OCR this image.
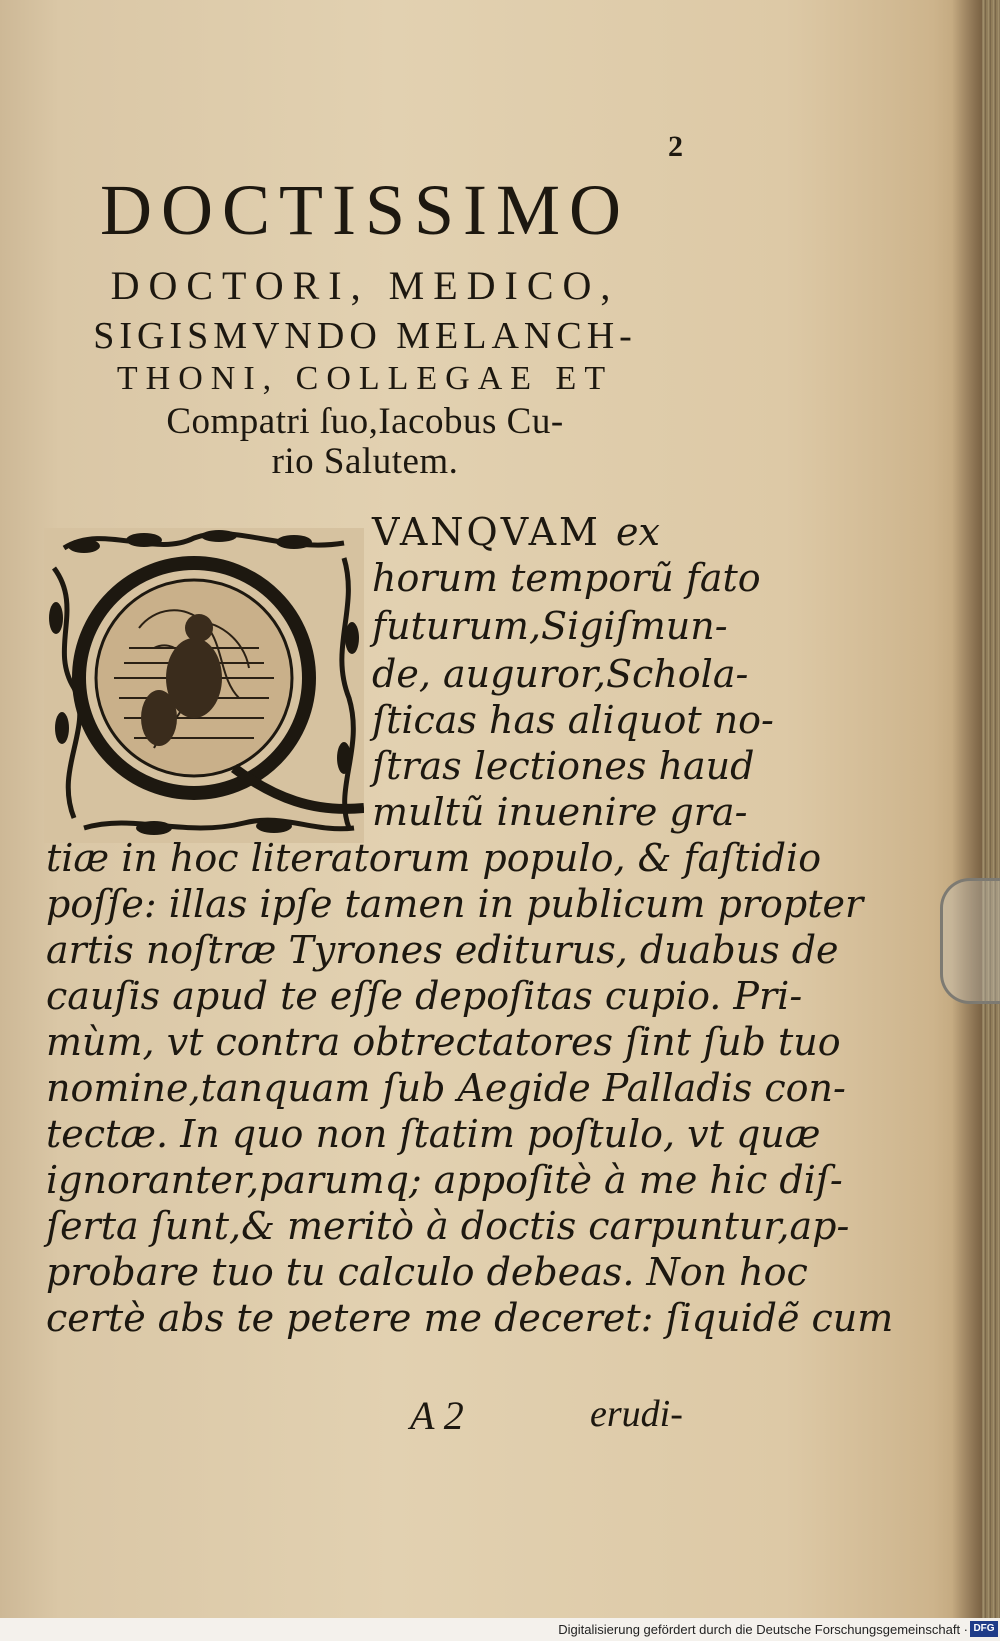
2
DOCTISSIMO
DOCTORI, MEDICO,
SIGISMVNDO MELANCH-
THONI, COLLEGAE ET
Compatri ſuo,Iacobus Cu-
rio Salutem.
VANQVAM ex
horum temporũ fato
futurum,Sigiſmun-
de, auguror,Schola-
ſticas has aliquot no-
ſtras lectiones haud
multũ inuenire gra-
tiæ in hoc literatorum populo, & faſtidio
poſſe: illas ipſe tamen in publicum propter
artis noſtræ Tyrones editurus, duabus de
cauſis apud te eſſe depoſitas cupio. Pri-
mùm, vt contra obtrectatores ſint ſub tuo
nomine,tanquam ſub Aegide Palladis con-
tectæ. In quo non ſtatim poſtulo, vt quæ
ignoranter,parumq; appoſitè à me hic diſ-
ſerta ſunt,& meritò à doctis carpuntur,ap-
probare tuo tu calculo debeas. Non hoc
certè abs te petere me deceret: ſiquidẽ cum
A 2	erudi-
Digitalisierung gefördert durch die Deutsche Forschungsgemeinschaft · DFG
